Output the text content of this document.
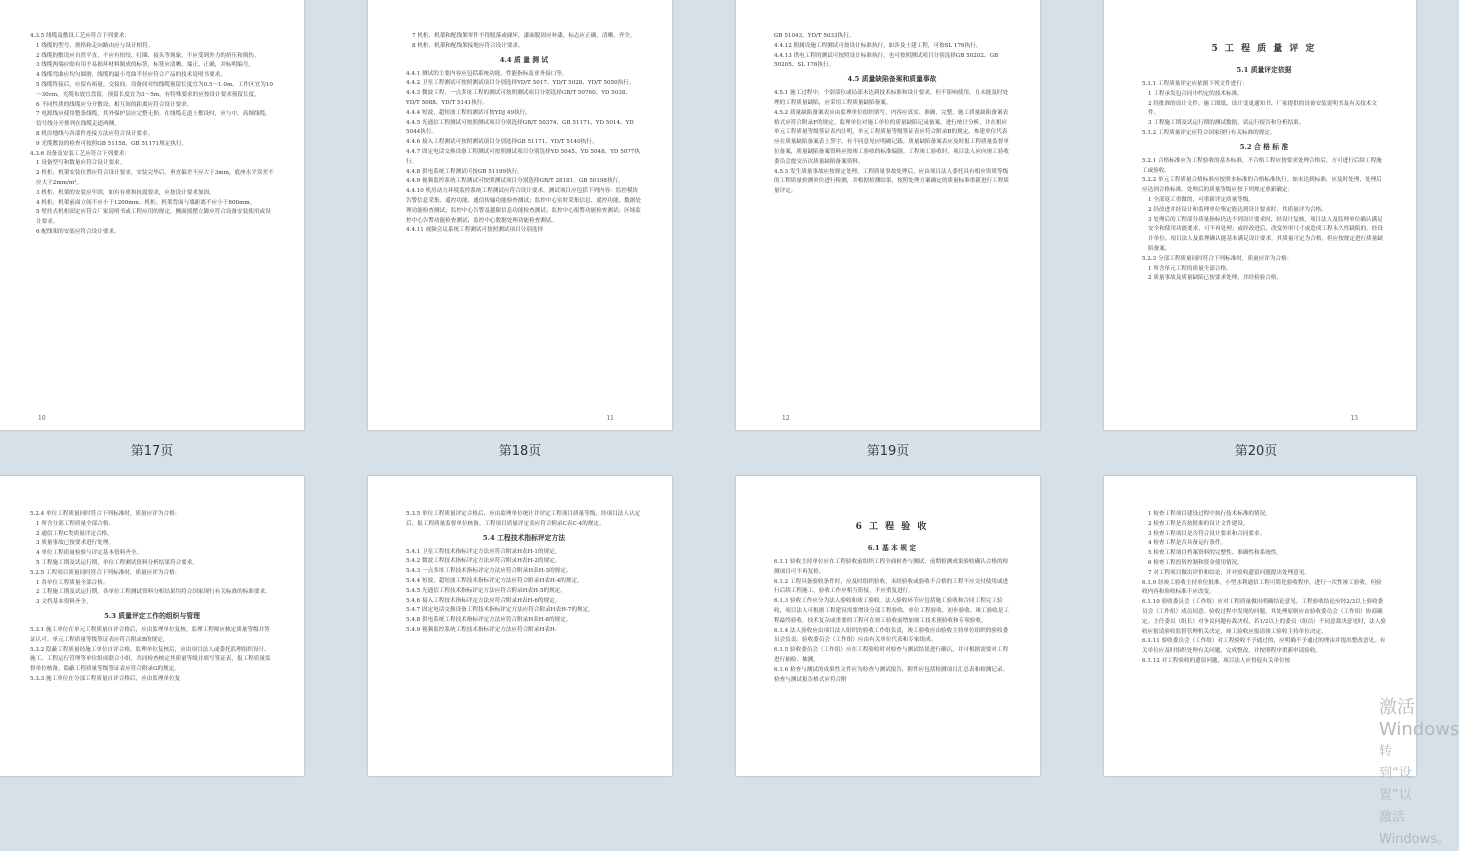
4.3.5 线缆及敷设工艺应符合下列要求：
1 线缆的型号、规格和走向路由应与设计相符。
2 线缆的敷设应自然平直，不应有扭绞、打圈、接头等现象，不应受到外力的挤压和损伤。
3 线缆两端应贴有用不易损坏材料制成的标签，标签应清晰、端正、正确，并标明编号。
4 线缆弯曲应均匀圆滑，线缆的最小弯曲半径应符合产品的技术说明书要求。
5 线缆终接后，应留有裕量。交接间、设备间对绞线缆预留长度宜为0.5～1.0m，工作区宜为10～30cm。光缆布放宜盘留，预留长度宜为3～5m，有特殊要求的应按设计要求预留长度。
6 不同性质的线缆应分开敷设，相互间的距离应符合设计要求。
7 电源线应使用整条线缆，其外保护层应完整无损。在线缆走道上敷设时，应与中、高频线缆、信号线分开排列在线缆走道两侧。
8 机房地线与各部件连接方法应符合设计要求。
9 光缆敷设的检查可按照GB 51158、GB 51171规定执行。
4.3.6 设备及安装工艺应符合下列要求：
1 设备型号和数量应符合设计要求。
2 机柜、机架安装位置应符合设计要求，安装完毕后，垂直偏差不应大于3mm，底座水平误差不应大于2mm/m²。
3 机柜、机架的安装应牢固，如有有重和抗震要求，应按设计要求加固。
4 机柜、机架前面立间不应小于1200mm。机柜、机架背面与墙距离不应小于800mm。
5 壁挂式机柜固定应符合厂家说明书或工程应用的规定，侧面摇摆立脚应符合设备安装使用或设计要求。
6 配线架的安装应符合设计要求。
10
7 机柜、机架和配线架零件不得脱落或碰坏，漆面脱固应补漆，标志应正确、清晰、齐全。
8 机柜、机架和配线架接地应符合设计要求。
4.4 质 量 测 试
4.4.1 测试的主要内容应包括系统功能、性能指标及业务接口等。
4.4.2 卫星工程测试可按照测试项目分别选择YD/T 5017、YD/T 5028、YD/T 5050执行。
4.4.3 微波工程、一点多址工程的测试可按照测试项目分别选择GB/T 50760、YD 5038、YD/T 5088、YD/T 5141执行。
4.4.4 短波、超短波工程的测试可按YDJ 49执行。
4.4.5 光通信工程测试可按照测试项目分别选择GB/T 50374、GB 51171、YD 5014、YD 5044执行。
4.4.6 接入工程测试可按照测试项目分别选择GB 51171、YD/T 5140执行。
4.4.7 固定电话交换设备工程测试可按照测试项目分别选择YD 5045、YD 5048、YD 5077执行。
4.4.8 供电系统工程测试可按GB 51199执行。
4.4.9 视频监控系统工程测试可按照测试项目分别选择GB/T 28181、GB 50198执行。
4.4.10 机房动力环境监控系统工程测试应符合设计要求，测试项目应包括下列内容：监控模块告警信息采集、遥控功能、通信传输功能检查测试；监控中心实时采集信息、遥控功能、数据处理功能检查测试；监控中心告警及越限信息功能检查测试；监控中心报警功能检查测试；区域监控中心告警功能检查测试；监控中心数据处理功能检查测试。
4.4.11 视频会议系统工程测试可按照测试项目分别选择
11
GB 51043、YD/T 5033执行。
4.4.12 附属设施工程测试可按设计标准执行，如涉及土建工程，可按SL 176执行。
4.4.13 供电工程的测试可按照设计标准执行，也可按照测试项目分别选择GB 50202、GB 50205、SL 176执行。
4.5 质量缺陷备案和质量事故
4.5.1 施工过程中，个别部位或局部未达到技术标准和设计要求，但不影响使用，且未能及时处理的工程质量缺陷，应采用工程质量缺陷备案。
4.5.2 质量缺陷备案表应由监理单位组织填写，内容应真实、准确、完整，施工质量缺陷备案表格式应符合附录F的规定。监理单位对施工单位的质量缺陷记录备案，进行统计分析，并在相应单元工程质量等级签证表内注明，单元工程质量等级签证表应符合附录B的规定。参建单位代表应在质量缺陷备案表上签字，有不同意见应明确记载。质量缺陷备案表应及时报工程质量监督单位备案，质量缺陷备案资料应按竣工验收的标准编制。工程竣工验收时，项目法人应向竣工验收委员会提交历次质量缺陷备案资料。
4.5.3 发生质量事故应按规定处理。工程质量事故处理后，应由项目法人委托具有相应资质等级的工程质量检测单位进行检测，并根据检测结果，按照处理方案确定的质量标准重新进行工程质量评定。
12
5 工 程 质 量 评 定
5.1 质量评定依据
5.1.1 工程质量评定应依据下列文件进行：
1 工程承发包合同中约定的技术标准。
2 经批准的设计文件、施工图纸、设计变更通知书、厂家提供的设备安装说明书及有关技术文件。
3 工程施工期及试运行期的测试数据、试运行报告和分析结果。
5.1.2 工程质量评定应符合国家现行有关标准的规定。
5.2 合 格 标 准
5.2.1 合格标准应为工程验收的基本标准。不合格工程应按要求处理合格后，方可进行后续工程施工或验收。
5.2.2 单元工程质量合格标准应按照本标准的合格标准执行。如未达到标准，应及时处理，处理后应达到合格标准。处理后的质量等级应按下列规定重新确定：
1 全部返工重做的，可重新评定质量等级。
2 经改进并经设计和监理单位鉴定能达到设计要求时，其质量评为合格。
3 处理后的工程部分质量指标仍达不到设计要求时，经设计复核，项目法人及监理单位确认满足安全和使用功能要求，可不再处理；或经改进后，改变外形尺寸或造成工程永久性缺陷的，经设计单位、项目法人及监理确认能基本满足设计要求，其质量可定为合格，但应按规定进行质量缺陷备案。
5.2.3 分部工程质量同时符合下列标准时，质量应评为合格：
1 所含单元工程的质量全部合格。
2 质量事故及质量缺陷已按要求处理，并经检验合格。
13
第17页	第18页	第19页	第20页
5.2.4 单位工程质量同时符合下列标准时，质量应评为合格：
1 所含分部工程质量全部合格。
2 通信工程C类质量评定合格。
3 质量事故已按要求进行处理。
4 单位工程质量检验与评定基本资料齐全。
5 工程施工期及试运行期，单位工程测试资料分析结果符合要求。
5.2.5 工程项目质量同时符合下列标准时，质量应评为合格：
1 各单位工程质量全部合格。
2 工程施工期及试运行期，各单位工程测试资料分析结果均符合国家现行有关标准的标准要求。
3 文档基本资料齐全。
5.3 质量评定工作的组织与管理
5.3.1 施工单位在单元工程质量自评合格后，应由监理单位复核。监理工程师应核定质量等级并签证认可。单元工程质量等级签证表应符合附录B的规定。
5.3.2 隐蔽工程质量经施工单位自评合格、监理单位复核后，应由项目法人或委托监理组织设计、施工、工程运行管理等单位组成联合小组，共同检查核定其质量等级并填写签证表，报工程质量监督单位核备。隐蔽工程质量等级签证表应符合附录G的规定。
5.3.3 施工单位在分部工程质量自评合格后，应由监理单位复
5.3.5 单位工程质量评定合格后，应由监理单位统计并评定工程项目质量等级，经项目法人认定后，报工程质量监督单位核备。工程项目质量评定表应符合附录C表C-4的规定。
5.4 工程技术指标评定方法
5.4.1 卫星工程技术指标评定方法应符合附录H表H-1的规定。
5.4.2 微波工程技术指标评定方法应符合附录H表H-2的规定。
5.4.3 一点多址工程技术指标评定方法应符合附录H表H-3的规定。
5.4.4 短波、超短波工程技术指标评定方法应符合附录H表H-4的规定。
5.4.5 光通信工程技术指标评定方法应符合附录H表H-5的规定。
5.4.6 接入工程技术指标评定方法应符合附录H表H-6的规定。
5.4.7 固定电话交换设备工程技术指标评定方法应符合附录H表H-7的规定。
5.4.8 供电系统工程技术指标评定方法应符合附录H表H-8的规定。
5.4.9 视频监控系统工程技术指标评定方法应符合附录H表H-
6 工 程 验 收
6.1 基 本 规 定
6.1.1 验收主持单位应在工程验收前组织工程全面检查与测试，前期检测成果验收确认合格的检测项目可不再复检。
6.1.2 工程具备验收条件时，应及时组织验收。未经验收或验收不合格的工程不应交付使用或进行后续工程施工。验收工作应相互衔接，不应重复进行。
6.1.3 验收工作应分为法人验收和竣工验收。法人验收环节应包括施工验收和合同工程完工验收，项目法人可根据工程建设需要增设分部工程验收、单位工程验收、初步验收。竣工验收是工程最终验收，技术复杂或重要的工程可在竣工验收前增加竣工技术预验收和专项验收。
6.1.4 法人验收应由项目法人组织的验收工作组负责，竣工验收应由验收主持单位组织的验收委员会负责。验收委员会（工作组）应由有关单位代表和专家组成。
6.1.5 验收委员会（工作组）应在工程验收时对检查与测试结果进行确认，并可根据需要对工程进行抽检、抽测。
6.1.6 检查与测试的成果性文件应为检查与测试报告，附件应包括检测项目汇总表和检测记录。检查与测试报告格式应符合附
1 检查工程项目建设过程中执行技术标准的情况。
2 检查工程是否按批准的设计文件建设。
3 检查工程项目是否符合设计要求和合同要求。
4 检查工程是否具备运行条件。
5 检查工程项目档案资料的完整性、准确性和系统性。
6 检查工程投资控制和资金使用情况。
7 对工程项目做出评价和结论，并对验收遗留问题提出处理意见。
6.1.9 经竣工验收主持单位批准，小型水利通信工程可简化验收程序，进行一次性竣工验收，但验收内容和验收标准不应改变。
6.1.10 验收委员会（工作组）应对工程质量做出明确结论意见，工程验收结论应经2/3以上验收委员会（工作组）成员同意。验收过程中发现的问题，其处理原则应由验收委员会（工作组）协商确定。主任委员（组长）对争议问题有裁决权，若1/2以上的委员（组员）不同意裁决意见时，法人验收应报请验收监督管理机关决定，竣工验收应报请竣工验收主持单位决定。
6.1.11 验收委员会（工作组）对工程验收不予通过的，应明确不予通过的理由并提出整改意见。有关单位应及时组织处理有关问题，完成整改，并按照程序重新申请验收。
6.1.12 对工程验收的遗留问题，项目法人应督促有关单位按
激活 Windows
转到“设置”以激活 Windows。
